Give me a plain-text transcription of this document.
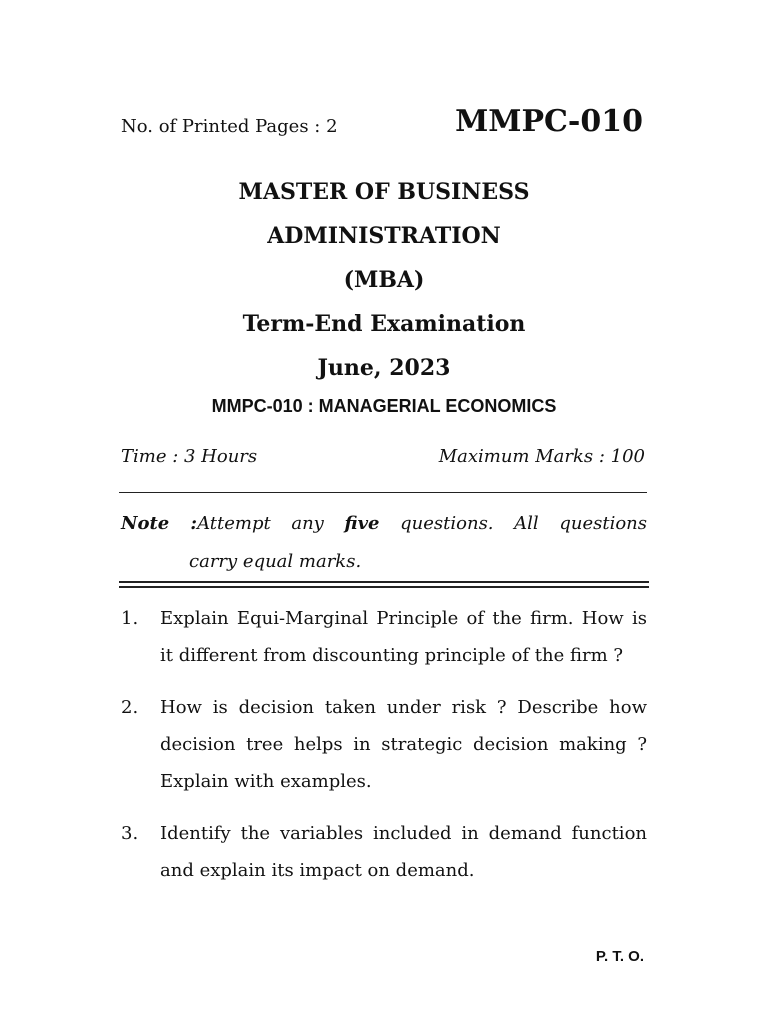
No. of Printed Pages : 2	MMPC-010
MASTER OF BUSINESS
ADMINISTRATION
(MBA)
Term-End Examination
June, 2023
MMPC-010 : MANAGERIAL ECONOMICS
Time : 3 Hours	Maximum Marks : 100
Note :Attempt any five questions. All questions
carry equal marks.
1. Explain Equi-Marginal Principle of the firm. How is it different from discounting principle of the firm ?
2. How is decision taken under risk ? Describe how decision tree helps in strategic decision making ? Explain with examples.
3. Identify the variables included in demand function and explain its impact on demand.
P. T. O.
